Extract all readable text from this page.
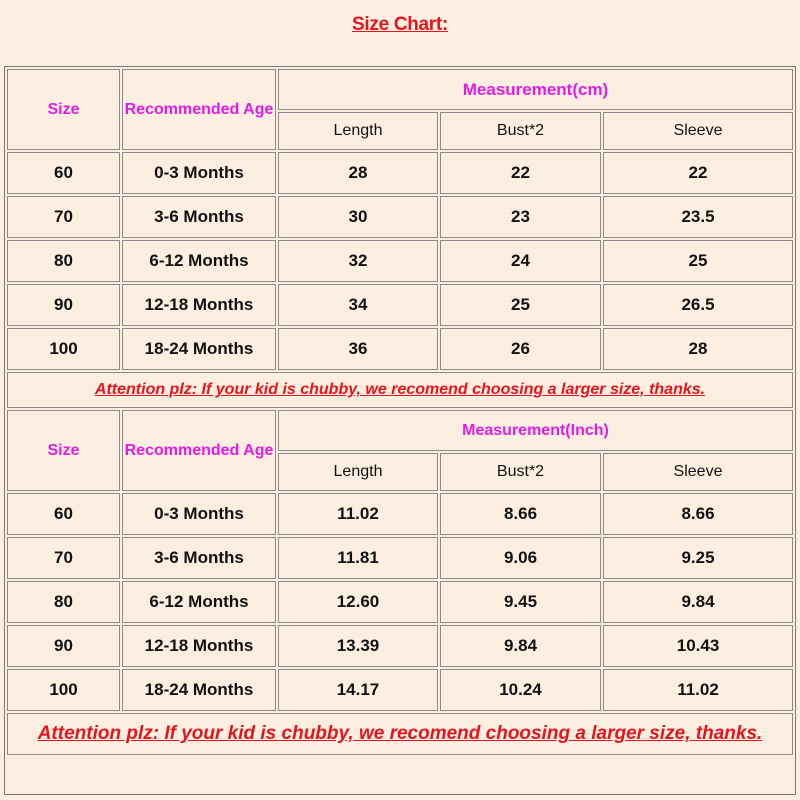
Size Chart:
Size	Recommended Age	Measurement(cm)		
		Length	Bust*2	Sleeve
60	0-3 Months	28	22	22
70	3-6 Months	30	23	23.5
80	6-12 Months	32	24	25
90	12-18 Months	34	25	26.5
100	18-24 Months	36	26	28
Attention plz: If your kid is chubby, we recomend choosing a larger size, thanks.				
Size	Recommended Age	Measurement(Inch)		
		Length	Bust*2	Sleeve
60	0-3 Months	11.02	8.66	8.66
70	3-6 Months	11.81	9.06	9.25
80	6-12 Months	12.60	9.45	9.84
90	12-18 Months	13.39	9.84	10.43
100	18-24 Months	14.17	10.24	11.02
Attention plz: If your kid is chubby, we recomend choosing a larger size, thanks.				
